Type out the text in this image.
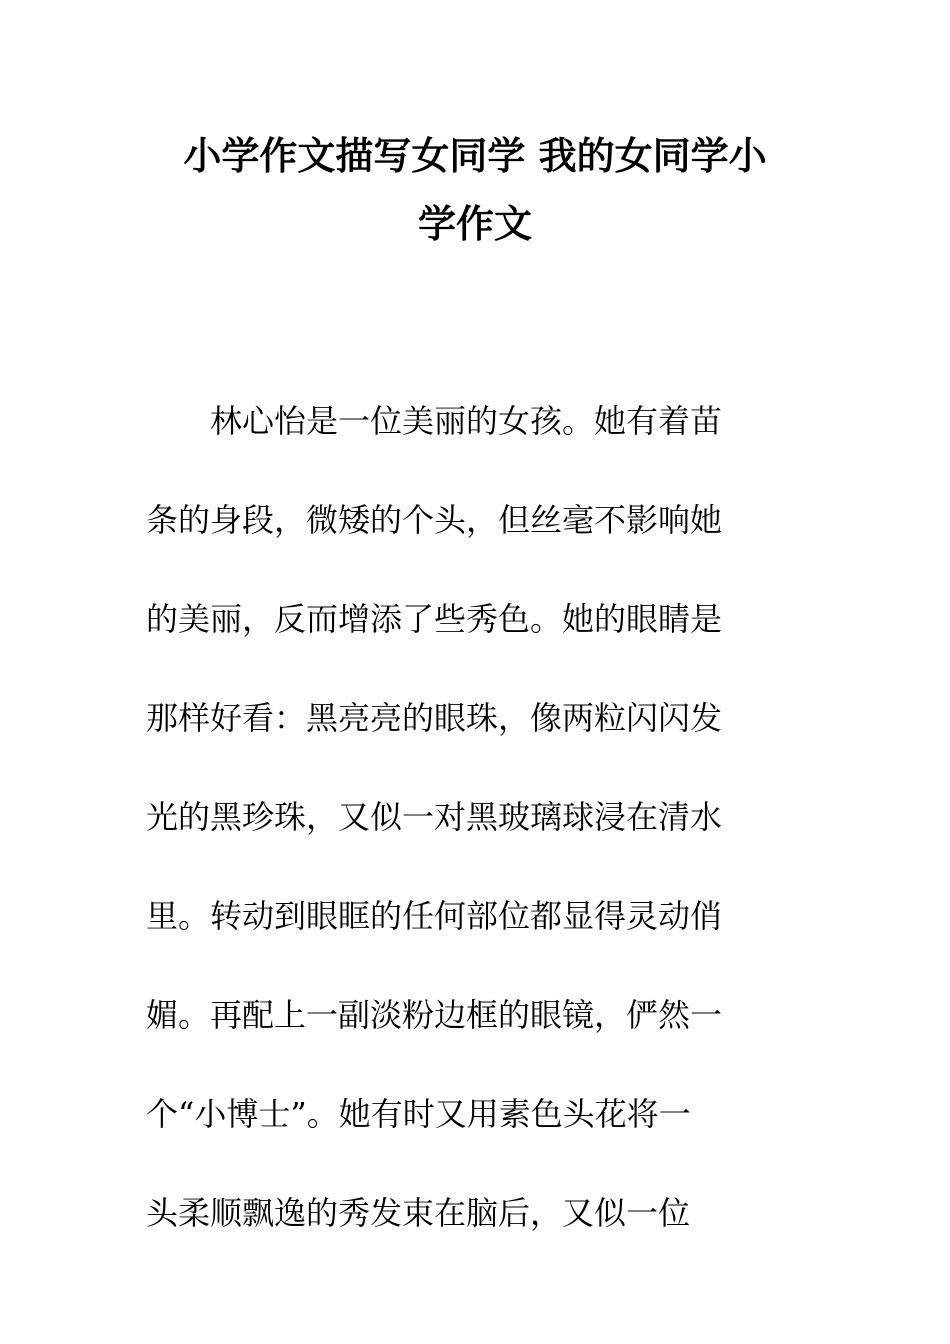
小学作文描写女同学 我的女同学小
学作文
　　林心怡是一位美丽的女孩。她有着苗
条的身段，微矮的个头，但丝毫不影响她
的美丽，反而增添了些秀色。她的眼睛是
那样好看：黑亮亮的眼珠，像两粒闪闪发
光的黑珍珠，又似一对黑玻璃球浸在清水
里。转动到眼眶的任何部位都显得灵动俏
媚。再配上一副淡粉边框的眼镜，俨然一
个“小博士”。她有时又用素色头花将一
头柔顺飘逸的秀发束在脑后，又似一位
